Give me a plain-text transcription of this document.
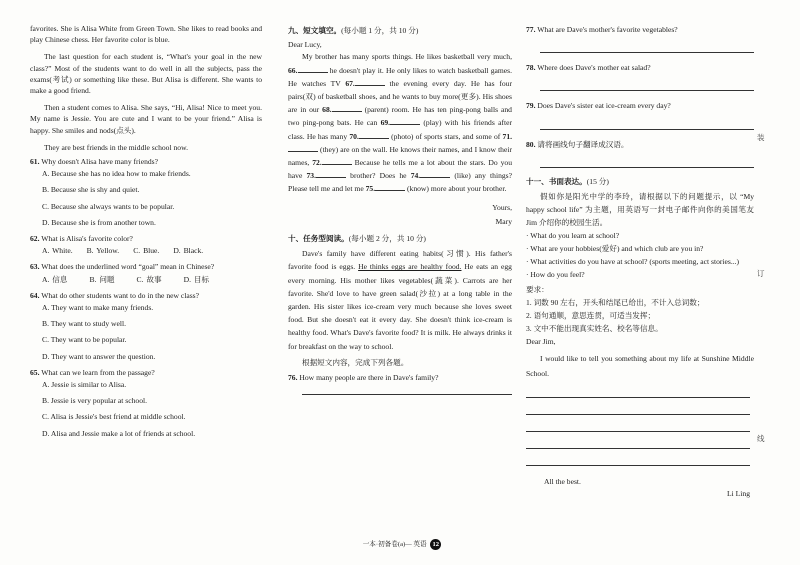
favorites. She is Alisa White from Green Town. She likes to read books and play Chinese chess. Her favorite color is blue.

The last question for each student is, “What's your goal in the new class?” Most of the students want to do well in all the subjects, pass the exams(考试) or something like these. But Alisa is different. She wants to make a good friend.

Then a student comes to Alisa. She says, “Hi, Alisa! Nice to meet you. My name is Jessie. You are cute and I want to be your friend.” Alisa is happy. She smiles and nods(点头).

They are best friends in the middle school now.

61. Why doesn't Alisa have many friends?
A. Because she has no idea how to make friends.
B. Because she is shy and quiet.
C. Because she always wants to be popular.
D. Because she is from another town.
62. What is Alisa's favorite color?
A. White. B. Yellow. C. Blue. D. Black.
63. What does the underlined word “goal” mean in Chinese?
A. 信息	B. 问题	C. 故事	D. 目标
64. What do other students want to do in the new class?
A. They want to make many friends.
B. They want to study well.
C. They want to be popular.
D. They want to answer the question.
65. What can we learn from the passage?
A. Jessie is similar to Alisa.
B. Jessie is very popular at school.
C. Alisa is Jessie's best friend at middle school.
D. Alisa and Jessie make a lot of friends at school.
九、短文填空。(每小题 1 分，共 10 分)

Dear Lucy,

My brother has many sports things. He likes basketball very much, 66.	he doesn't play it. He only likes to watch basketball games. He watches TV 67.	the evening every day. He has four pairs(双) of basketball shoes, and he wants to buy more(更多). His shoes are in our 68.	(parent) room. He has ten ping-pong balls and two ping-pong bats. He can 69.	(play) with his friends after class. He has many 70.	(photo) of sports stars, and some of 71. (they) are on the wall. He knows their names, and I know their names, 72.	Because he tells me a lot about the stars. Do you have 73.	brother? Does he 74.	(like) any things? Please tell me and let me 75.	(know) more about your brother.

Yours,
Mary
十、任务型阅读。(每小题 2 分，共 10 分)

Dave's family have different eating habits(习惯). His father's favorite food is eggs. He thinks eggs are healthy food. He eats an egg every morning. His mother likes vegetables(蔬菜). Carrots are her favorite. She'd love to have green salad(沙拉) at a long table in the garden. His sister likes ice-cream very much because she loves sweet food. But she doesn't eat it every day. She doesn't think ice-cream is healthy food. What's Dave's favorite food? It is milk. He always drinks it for breakfast on the way to school.

根据短文内容，完成下列各题。

76. How many people are there in Dave's family?
一本·初备卷(a)— 英语 12
77. What are Dave's mother's favorite vegetables?
78. Where does Dave's mother eat salad?
79. Does Dave's sister eat ice-cream every day?
80. 请将画线句子翻译成汉语。
十一、书面表达。(15 分)

假如你是阳光中学的李玲，请根据以下的问题提示，以 “My happy school life” 为主题，用英语写一封电子邮件向你的美国笔友 Jim 介绍你的校园生活。

· What do you learn at school?
· What are your hobbies(爱好) and which club are you in?
· What activities do you have at school? (sports meeting, act stories...)
· How do you feel?
要求：
1. 词数 90 左右，开头和结尾已给出，不计入总词数；
2. 语句通顺，意思连贯，可适当发挥；
3. 文中不能出现真实姓名、校名等信息。
Dear Jim,

I would like to tell you something about my life at Sunshine Middle School.

All the best.
Li Ling
装
订
线
